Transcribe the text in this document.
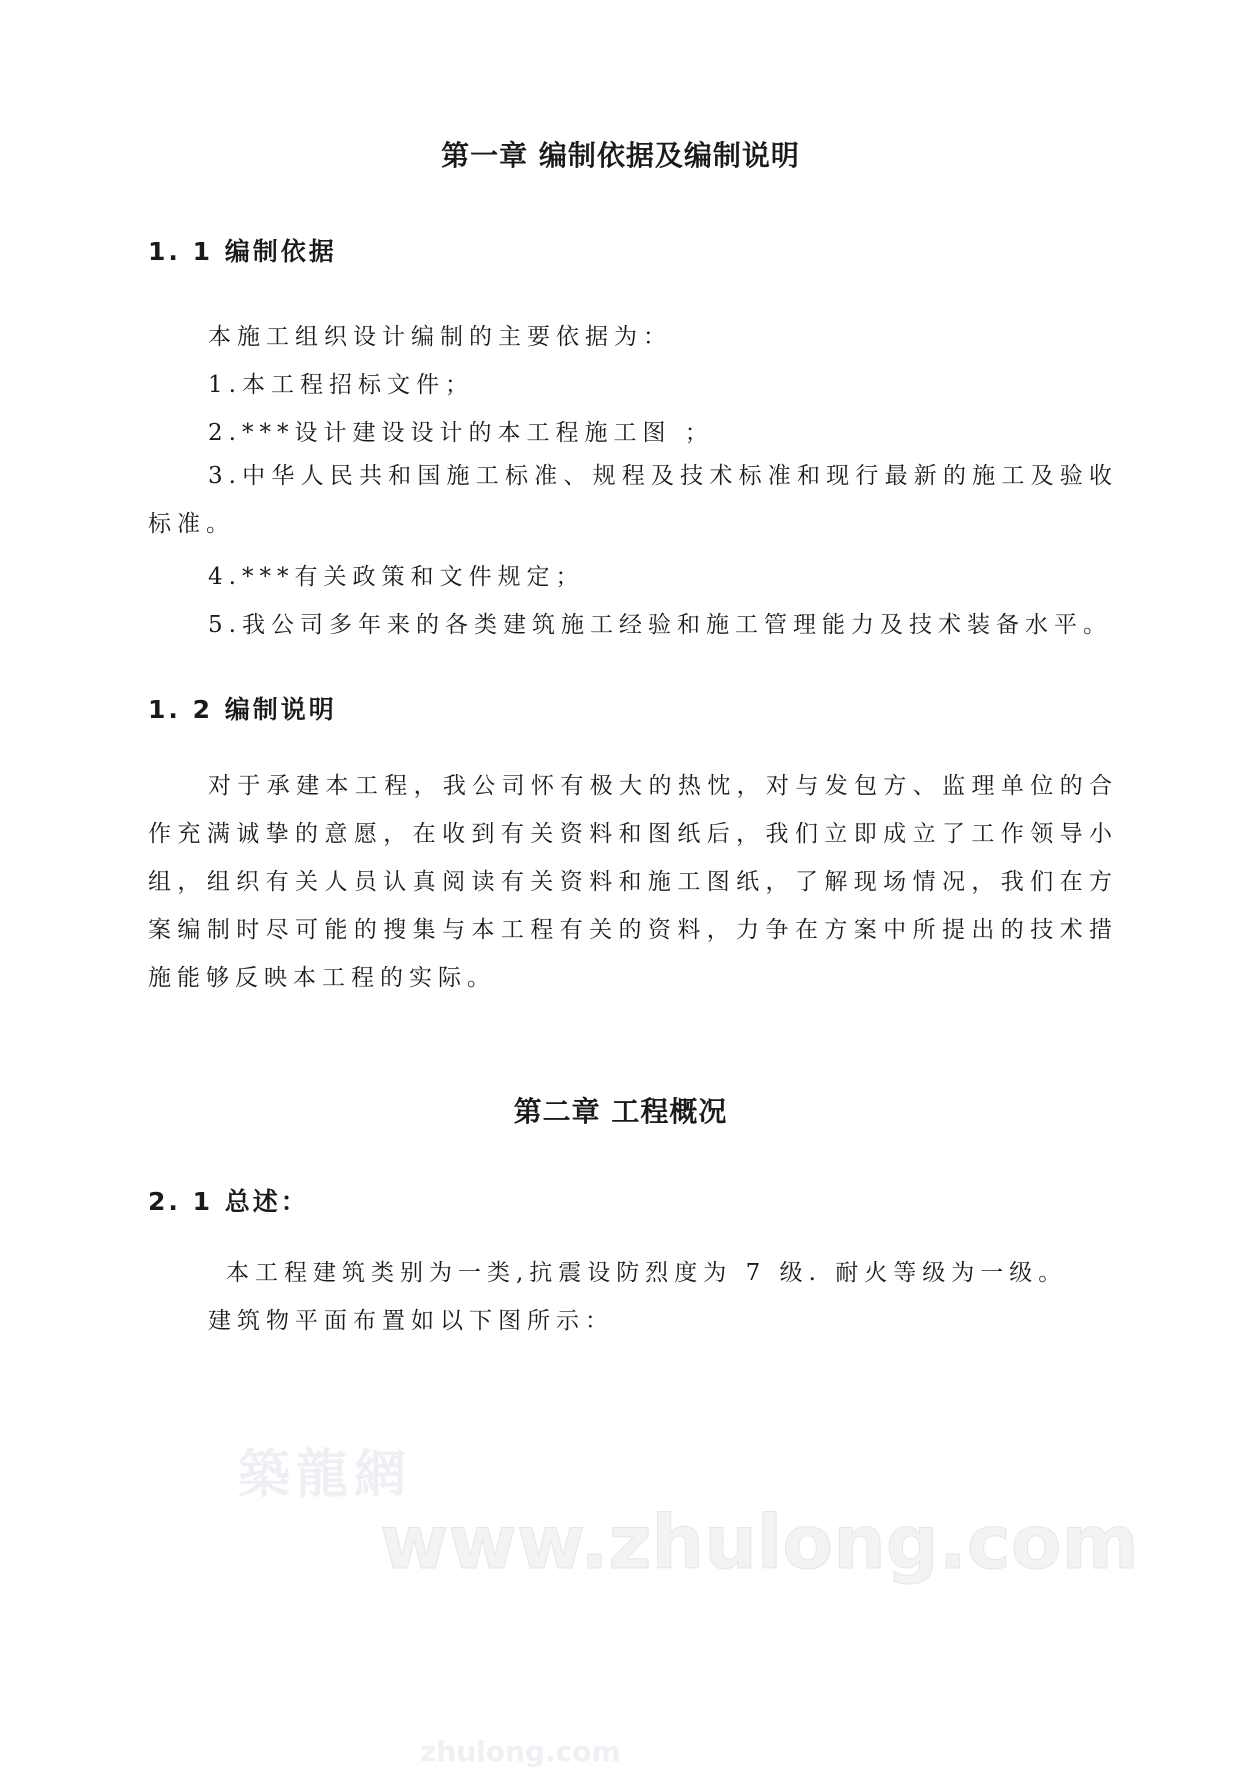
第一章 编制依据及编制说明
1. 1 编制依据

本施工组织设计编制的主要依据为：

1.本工程招标文件；

2.***设计建设设计的本工程施工图 ；

3.中华人民共和国施工标准、规程及技术标准和现行最新的施工及验收标准。

4.***有关政策和文件规定；

5.我公司多年来的各类建筑施工经验和施工管理能力及技术装备水平。

1. 2 编制说明

对于承建本工程，我公司怀有极大的热忱，对与发包方、监理单位的合作充满诚挚的意愿，在收到有关资料和图纸后，我们立即成立了工作领导小组，组织有关人员认真阅读有关资料和施工图纸，了解现场情况，我们在方案编制时尽可能的搜集与本工程有关的资料，力争在方案中所提出的技术措施能够反映本工程的实际。

第二章 工程概况
2. 1 总述：

本工程建筑类别为一类,抗震设防烈度为 7 级. 耐火等级为一级。

建筑物平面布置如以下图所示：

築龍網

www.zhulong.com

zhulong.com
